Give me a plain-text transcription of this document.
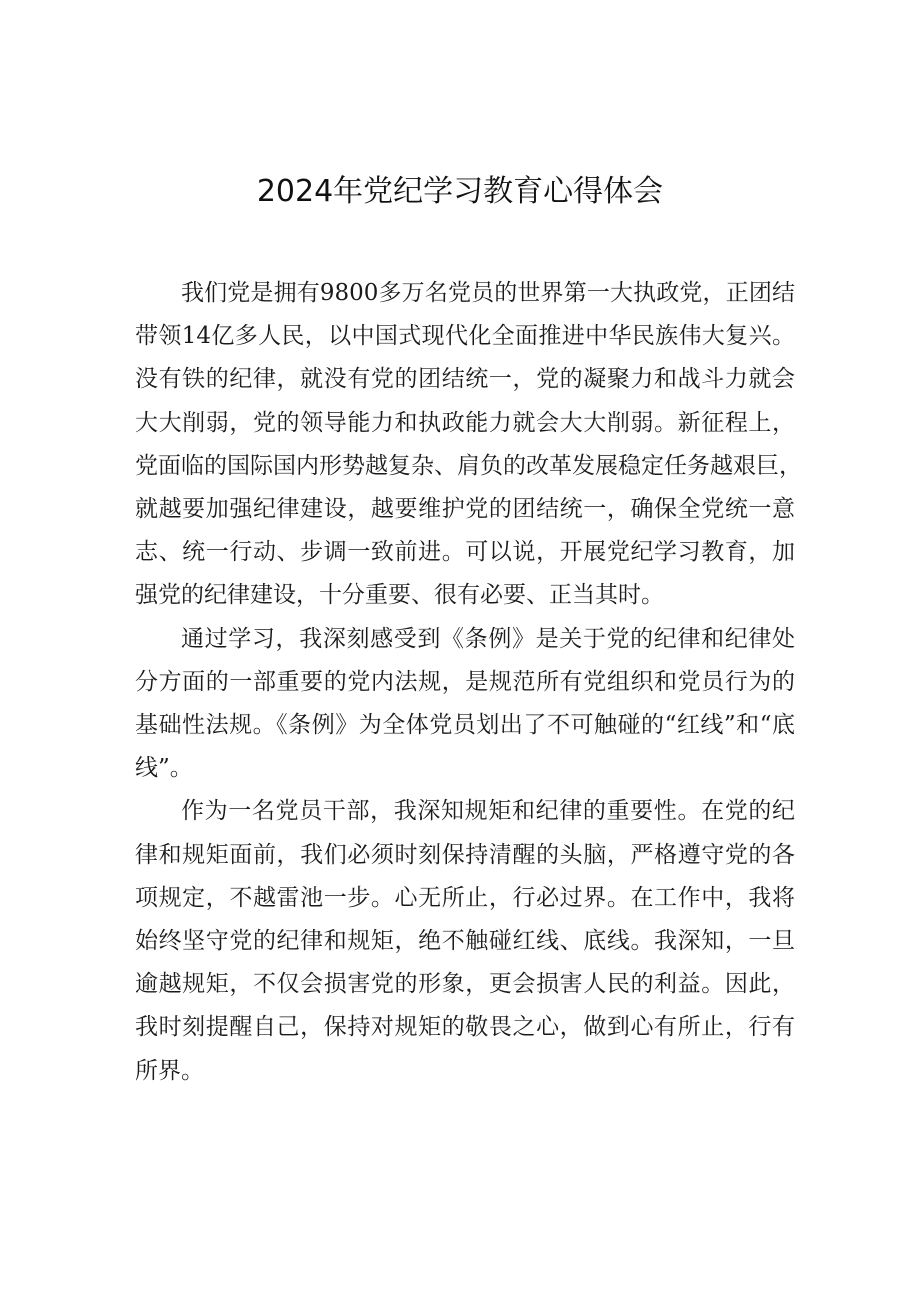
2024年党纪学习教育心得体会
我们党是拥有9800多万名党员的世界第一大执政党，正团结
带领14亿多人民，以中国式现代化全面推进中华民族伟大复兴。
没有铁的纪律，就没有党的团结统一，党的凝聚力和战斗力就会
大大削弱，党的领导能力和执政能力就会大大削弱。新征程上，
党面临的国际国内形势越复杂、肩负的改革发展稳定任务越艰巨，
就越要加强纪律建设，越要维护党的团结统一，确保全党统一意
志、统一行动、步调一致前进。可以说，开展党纪学习教育，加
强党的纪律建设，十分重要、很有必要、正当其时。
通过学习，我深刻感受到《条例》是关于党的纪律和纪律处
分方面的一部重要的党内法规，是规范所有党组织和党员行为的
基础性法规。《条例》为全体党员划出了不可触碰的“红线”和“底
线”。
作为一名党员干部，我深知规矩和纪律的重要性。在党的纪
律和规矩面前，我们必须时刻保持清醒的头脑，严格遵守党的各
项规定，不越雷池一步。心无所止，行必过界。在工作中，我将
始终坚守党的纪律和规矩，绝不触碰红线、底线。我深知，一旦
逾越规矩，不仅会损害党的形象，更会损害人民的利益。因此，
我时刻提醒自己，保持对规矩的敬畏之心，做到心有所止，行有
所界。
